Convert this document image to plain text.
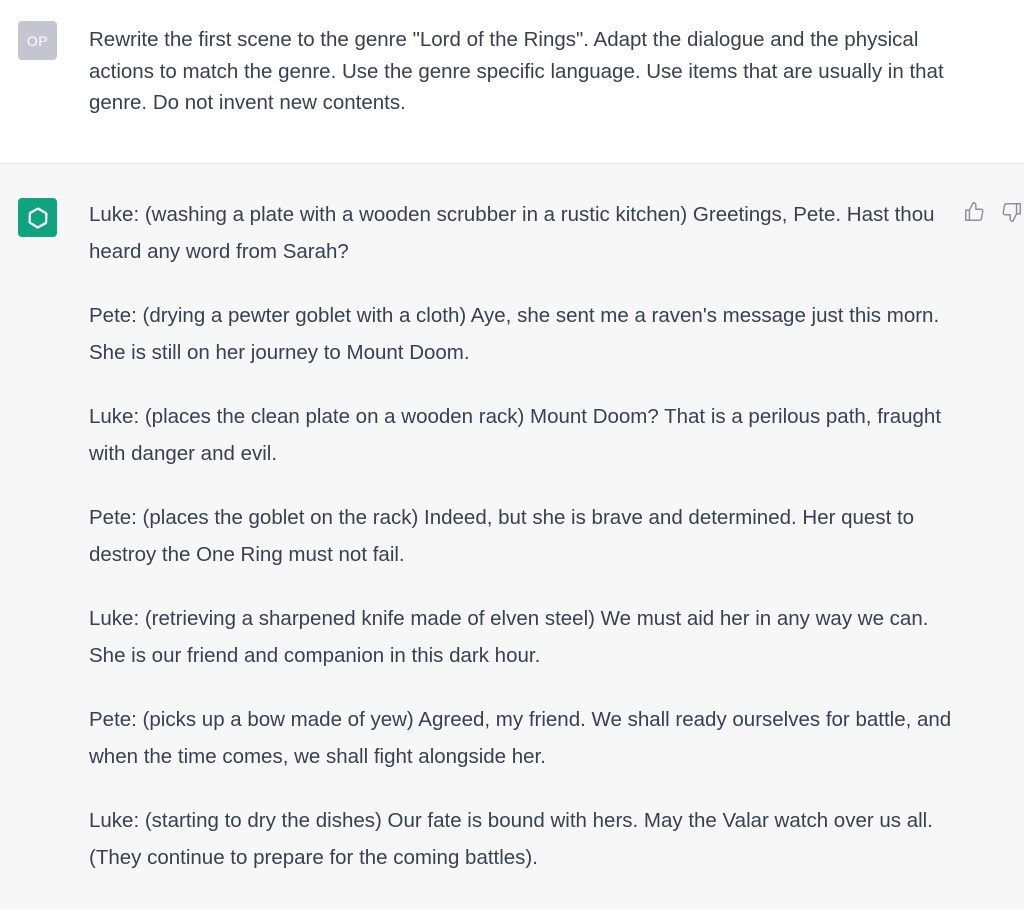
OP Rewrite the first scene to the genre "Lord of the Rings". Adapt the dialogue and the physical actions to match the genre. Use the genre specific language. Use items that are usually in that genre. Do not invent new contents.

Luke: (washing a plate with a wooden scrubber in a rustic kitchen) Greetings, Pete. Hast thou heard any word from Sarah?

Pete: (drying a pewter goblet with a cloth) Aye, she sent me a raven's message just this morn. She is still on her journey to Mount Doom.

Luke: (places the clean plate on a wooden rack) Mount Doom? That is a perilous path, fraught with danger and evil.

Pete: (places the goblet on the rack) Indeed, but she is brave and determined. Her quest to destroy the One Ring must not fail.

Luke: (retrieving a sharpened knife made of elven steel) We must aid her in any way we can. She is our friend and companion in this dark hour.

Pete: (picks up a bow made of yew) Agreed, my friend. We shall ready ourselves for battle, and when the time comes, we shall fight alongside her.

Luke: (starting to dry the dishes) Our fate is bound with hers. May the Valar watch over us all. (They continue to prepare for the coming battles).
